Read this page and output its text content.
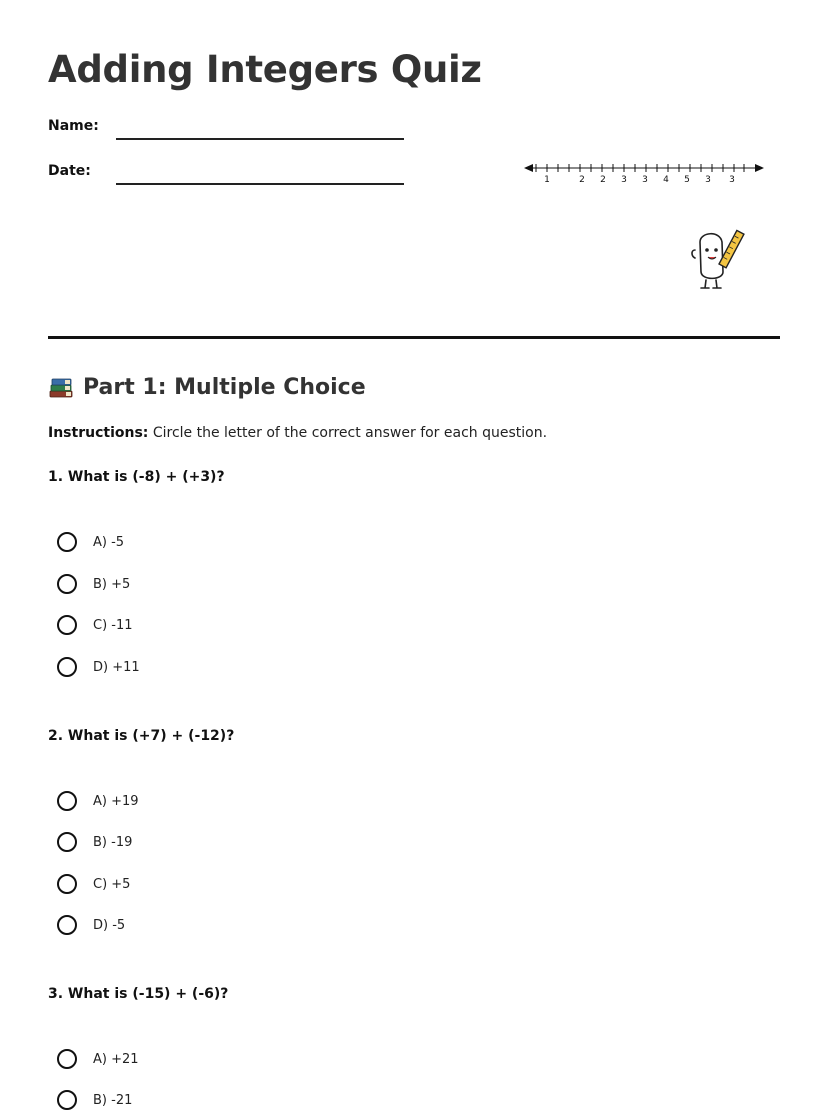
Adding Integers Quiz
Name:
Date:
1	2 2 3 3 4 5 3 3
Part 1: Multiple Choice
Instructions: Circle the letter of the correct answer for each question.
1. What is (-8) + (+3)?
A) -5
B) +5
C) -11
D) +11
2. What is (+7) + (-12)?
A) +19
B) -19
C) +5
D) -5
3. What is (-15) + (-6)?
A) +21
B) -21
